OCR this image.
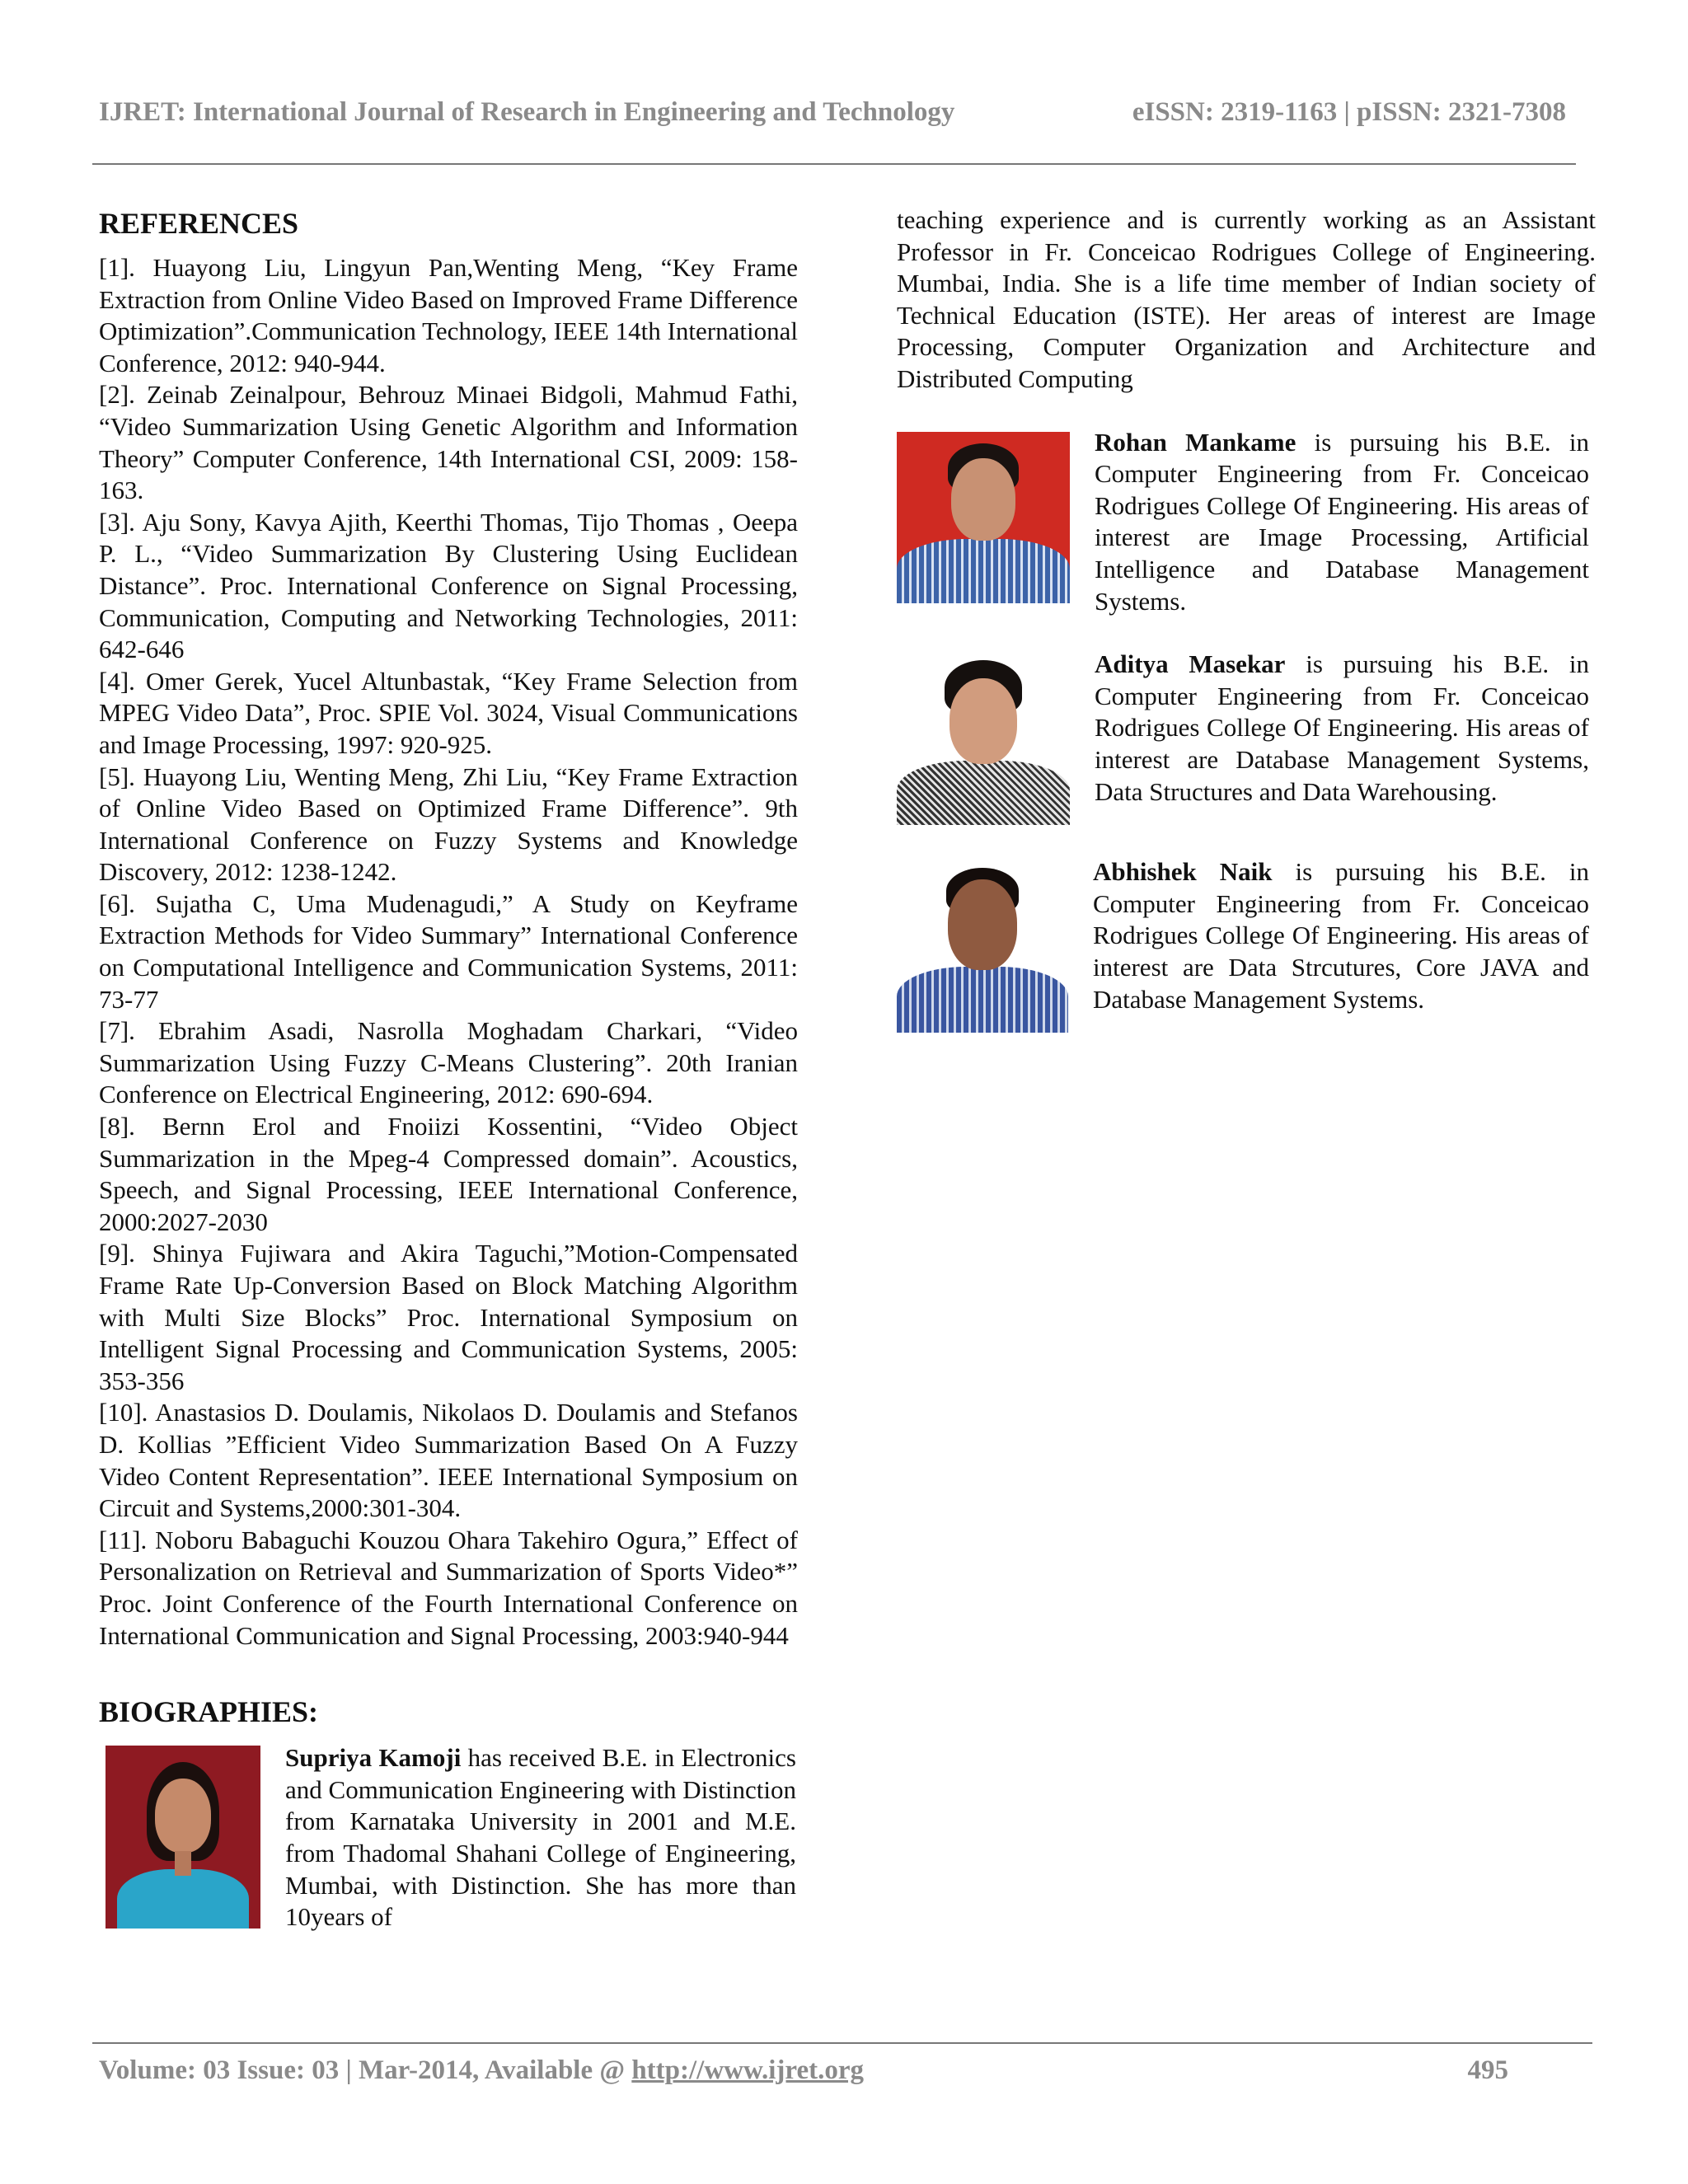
IJRET: International Journal of Research in Engineering and Technology	eISSN: 2319-1163 | pISSN: 2321-7308
REFERENCES

[1]. Huayong Liu, Lingyun Pan,Wenting Meng, “Key Frame Extraction from Online Video Based on Improved Frame Difference Optimization”.Communication Technology, IEEE 14th International Conference, 2012: 940-944.

[2]. Zeinab Zeinalpour, Behrouz Minaei Bidgoli, Mahmud Fathi, “Video Summarization Using Genetic Algorithm and Information Theory” Computer Conference, 14th International CSI, 2009: 158-163.

[3]. Aju Sony, Kavya Ajith, Keerthi Thomas, Tijo Thomas , Oeepa P. L., “Video Summarization By Clustering Using Euclidean Distance”. Proc. International Conference on Signal Processing, Communication, Computing and Networking Technologies, 2011: 642-646

[4]. Omer Gerek, Yucel Altunbastak, “Key Frame Selection from MPEG Video Data”, Proc. SPIE Vol. 3024, Visual Communications and Image Processing, 1997: 920-925.

[5]. Huayong Liu, Wenting Meng, Zhi Liu, “Key Frame Extraction of Online Video Based on Optimized Frame Difference”. 9th International Conference on Fuzzy Systems and Knowledge Discovery, 2012: 1238-1242.

[6]. Sujatha C, Uma Mudenagudi,” A Study on Keyframe Extraction Methods for Video Summary” International Conference on Computational Intelligence and Communication Systems, 2011: 73-77

[7]. Ebrahim Asadi, Nasrolla Moghadam Charkari, “Video Summarization Using Fuzzy C-Means Clustering”. 20th Iranian Conference on Electrical Engineering, 2012: 690-694.

[8]. Bernn Erol and Fnoiizi Kossentini, “Video Object Summarization in the Mpeg-4 Compressed domain”. Acoustics, Speech, and Signal Processing, IEEE International Conference, 2000:2027-2030

[9]. Shinya Fujiwara and Akira Taguchi,”Motion-Compensated Frame Rate Up-Conversion Based on Block Matching Algorithm with Multi Size Blocks” Proc. International Symposium on Intelligent Signal Processing and Communication Systems, 2005: 353-356

[10]. Anastasios D. Doulamis, Nikolaos D. Doulamis and Stefanos D. Kollias ”Efficient Video Summarization Based On A Fuzzy Video Content Representation”. IEEE International Symposium on Circuit and Systems,2000:301-304.

[11]. Noboru Babaguchi Kouzou Ohara Takehiro Ogura,” Effect of Personalization on Retrieval and Summarization of Sports Video*” Proc. Joint Conference of the Fourth International Conference on International Communication and Signal Processing, 2003:940-944

BIOGRAPHIES:

Supriya Kamoji has received B.E. in Electronics and Communication Engineering with Distinction from Karnataka University in 2001 and M.E. from Thadomal Shahani College of Engineering, Mumbai, with Distinction. She has more than 10years of

teaching experience and is currently working as an Assistant Professor in Fr. Conceicao Rodrigues College of Engineering. Mumbai, India. She is a life time member of Indian society of Technical Education (ISTE). Her areas of interest are Image Processing, Computer Organization and Architecture and Distributed Computing

Rohan Mankame is pursuing his B.E. in Computer Engineering from Fr. Conceicao Rodrigues College Of Engineering. His areas of interest are Image Processing, Artificial Intelligence and Database Management Systems.

Aditya Masekar is pursuing his B.E. in Computer Engineering from Fr. Conceicao Rodrigues College Of Engineering. His areas of interest are Database Management Systems, Data Structures and Data Warehousing.

Abhishek Naik is pursuing his B.E. in Computer Engineering from Fr. Conceicao Rodrigues College Of Engineering. His areas of interest are Data Strcutures, Core JAVA and Database Management Systems.

Volume: 03 Issue: 03 | Mar-2014, Available @ http://www.ijret.org	495
